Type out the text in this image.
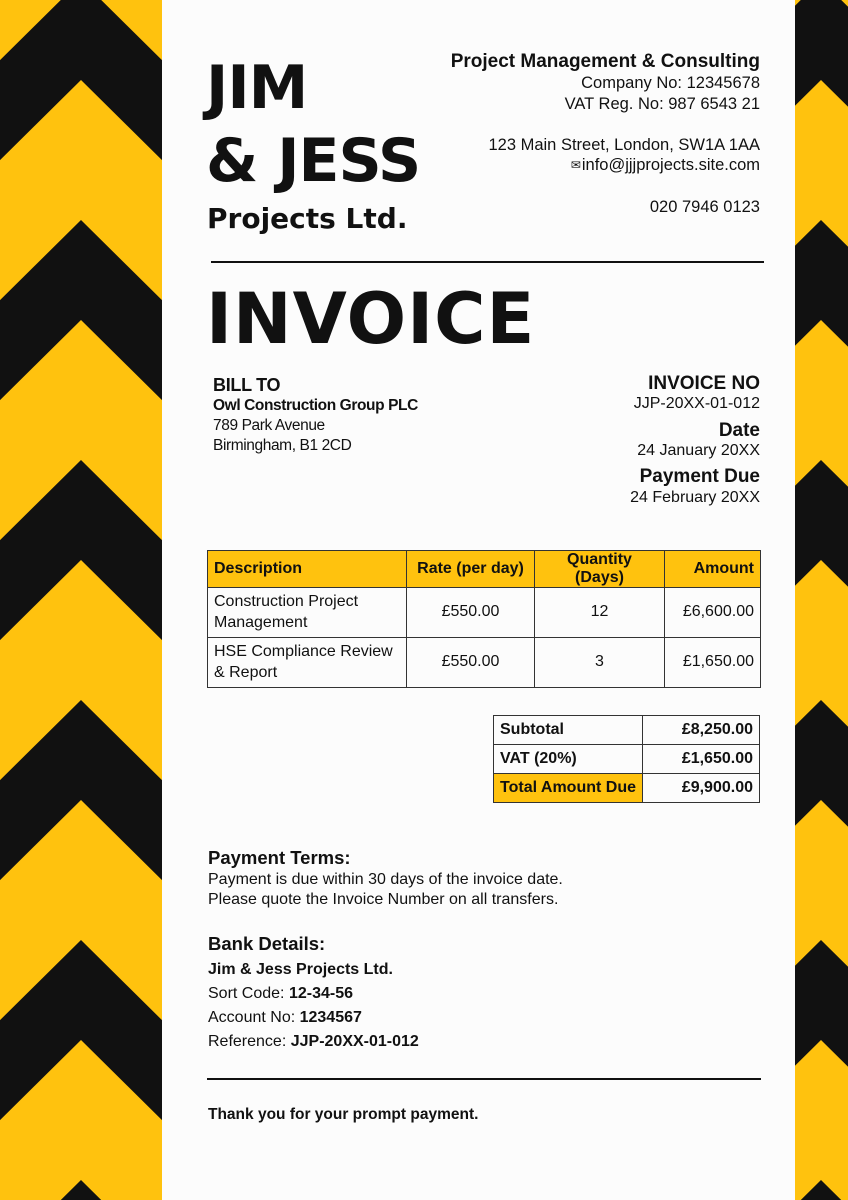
JIM
& JESS
Projects Ltd.
Project Management & Consulting
Company No: 12345678
VAT Reg. No: 987 6543 21
123 Main Street, London, SW1A 1AA
✉info@jjjprojects.site.com
020 7946 0123
INVOICE
BILL TO
Owl Construction Group PLC
789 Park Avenue
Birmingham, B1 2CD
INVOICE NO
JJP-20XX-01-012
Date
24 January 20XX
Payment Due
24 February 20XX
Description	Rate (per day)	Quantity (Days)	Amount
Construction Project Management	£550.00	12	£6,600.00
HSE Compliance Review & Report	£550.00	3	£1,650.00
Subtotal	£8,250.00
VAT (20%)	£1,650.00
Total Amount Due	£9,900.00
Payment Terms:
Payment is due within 30 days of the invoice date.
Please quote the Invoice Number on all transfers.
Bank Details:
Jim & Jess Projects Ltd.
Sort Code: 12-34-56
Account No: 1234567
Reference: JJP-20XX-01-012
Thank you for your prompt payment.
